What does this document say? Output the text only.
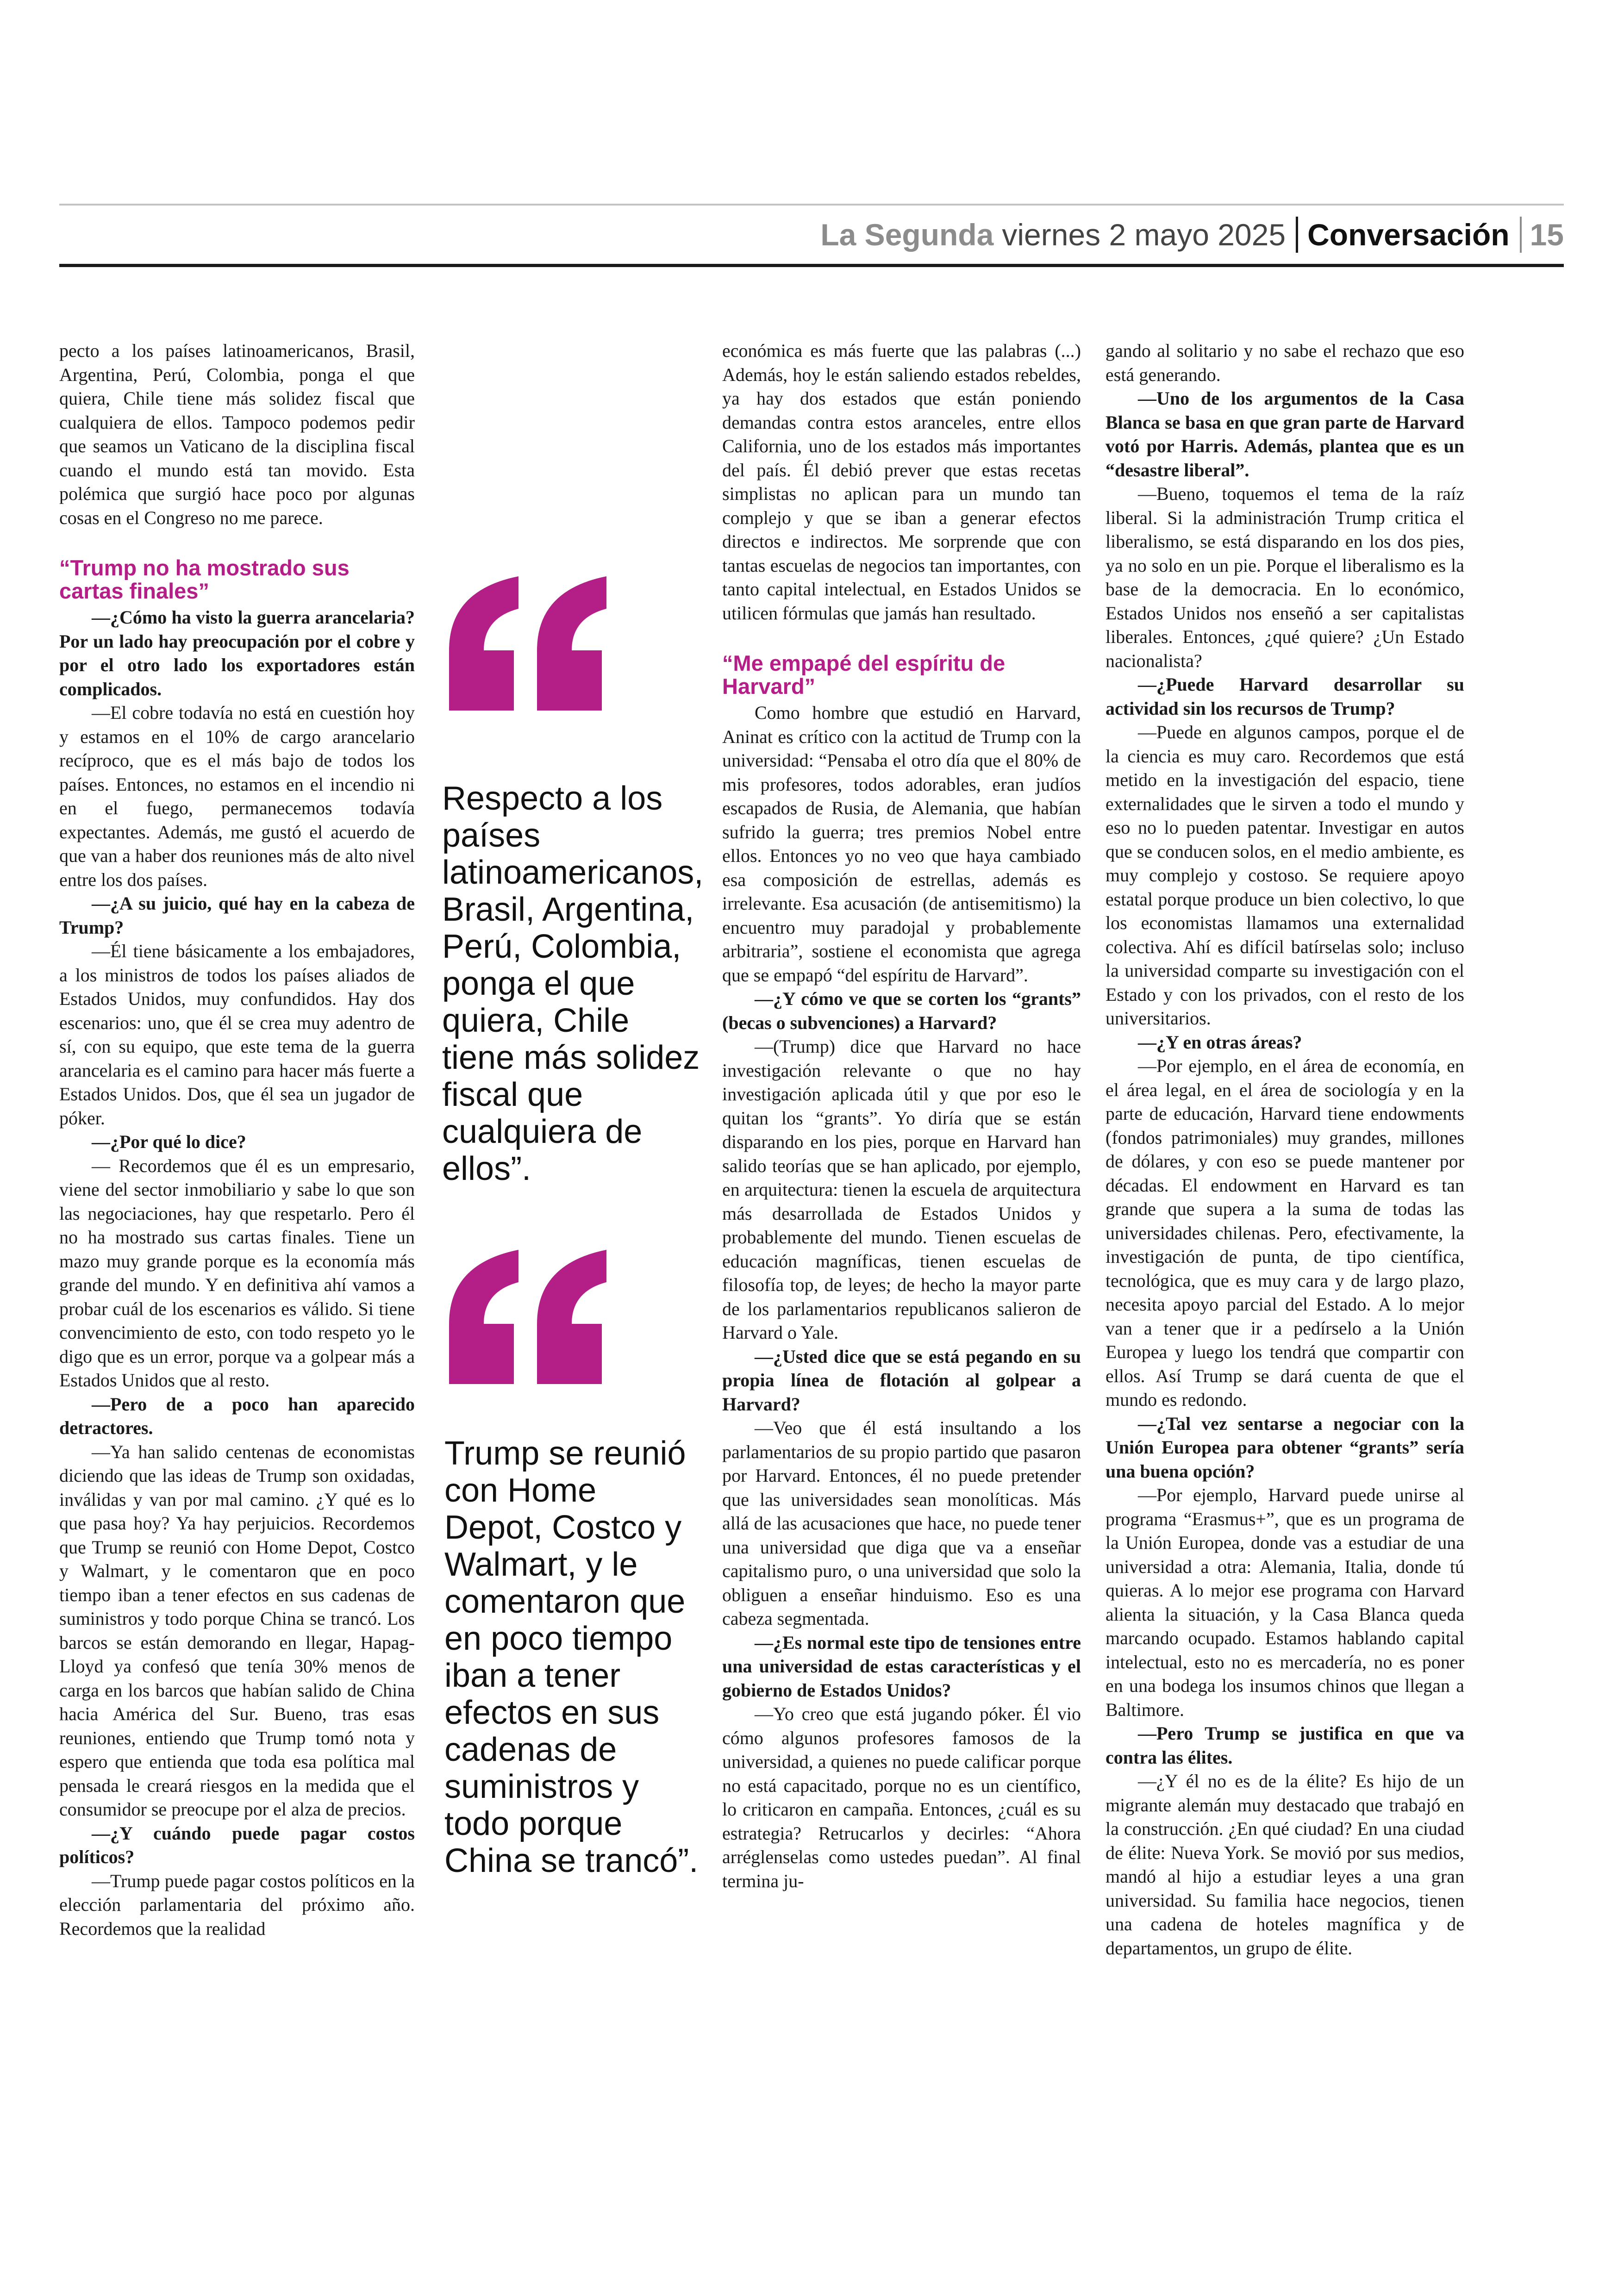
La Segunda viernes 2 mayo 2025 Conversación 15

pecto a los países latinoamericanos, Brasil, Argentina, Perú, Colombia, ponga el que quiera, Chile tiene más solidez fiscal que cualquiera de ellos. Tampoco podemos pedir que seamos un Vaticano de la disciplina fiscal cuando el mundo está tan movido. Esta polémica que surgió hace poco por algunas cosas en el Congreso no me parece.

“Trump no ha mostrado sus cartas finales”

—¿Cómo ha visto la guerra arancelaria? Por un lado hay preocupación por el cobre y por el otro lado los exportadores están complicados.

—El cobre todavía no está en cuestión hoy y estamos en el 10% de cargo arancelario recíproco, que es el más bajo de todos los países. Entonces, no estamos en el incendio ni en el fuego, permanecemos todavía expectantes. Además, me gustó el acuerdo de que van a haber dos reuniones más de alto nivel entre los dos países.

—¿A su juicio, qué hay en la cabeza de Trump?

—Él tiene básicamente a los embajadores, a los ministros de todos los países aliados de Estados Unidos, muy confundidos. Hay dos escenarios: uno, que él se crea muy adentro de sí, con su equipo, que este tema de la guerra arancelaria es el camino para hacer más fuerte a Estados Unidos. Dos, que él sea un jugador de póker.

—¿Por qué lo dice?

— Recordemos que él es un empresario, viene del sector inmobiliario y sabe lo que son las negociaciones, hay que respetarlo. Pero él no ha mostrado sus cartas finales. Tiene un mazo muy grande porque es la economía más grande del mundo. Y en definitiva ahí vamos a probar cuál de los escenarios es válido. Si tiene convencimiento de esto, con todo respeto yo le digo que es un error, porque va a golpear más a Estados Unidos que al resto.

—Pero de a poco han aparecido detractores.

—Ya han salido centenas de economistas diciendo que las ideas de Trump son oxidadas, inválidas y van por mal camino. ¿Y qué es lo que pasa hoy? Ya hay perjuicios. Recordemos que Trump se reunió con Home Depot, Costco y Walmart, y le comentaron que en poco tiempo iban a tener efectos en sus cadenas de suministros y todo porque China se trancó. Los barcos se están demorando en llegar, Hapag-Lloyd ya confesó que tenía 30% menos de carga en los barcos que habían salido de China hacia América del Sur. Bueno, tras esas reuniones, entiendo que Trump tomó nota y espero que entienda que toda esa política mal pensada le creará riesgos en la medida que el consumidor se preocupe por el alza de precios.

—¿Y cuándo puede pagar costos políticos?

—Trump puede pagar costos políticos en la elección parlamentaria del próximo año. Recordemos que la realidad

Respecto a los países latinoamericanos, Brasil, Argentina, Perú, Colombia, ponga el que quiera, Chile tiene más solidez fiscal que cualquiera de ellos”.
Trump se reunió con Home Depot, Costco y Walmart, y le comentaron que en poco tiempo iban a tener efectos en sus cadenas de suministros y todo porque China se trancó”.

económica es más fuerte que las palabras (...) Además, hoy le están saliendo estados rebeldes, ya hay dos estados que están poniendo demandas contra estos aranceles, entre ellos California, uno de los estados más importantes del país. Él debió prever que estas recetas simplistas no aplican para un mundo tan complejo y que se iban a generar efectos directos e indirectos. Me sorprende que con tantas escuelas de negocios tan importantes, con tanto capital intelectual, en Estados Unidos se utilicen fórmulas que jamás han resultado.

“Me empapé del espíritu de Harvard”

Como hombre que estudió en Harvard, Aninat es crítico con la actitud de Trump con la universidad: “Pensaba el otro día que el 80% de mis profesores, todos adorables, eran judíos escapados de Rusia, de Alemania, que habían sufrido la guerra; tres premios Nobel entre ellos. Entonces yo no veo que haya cambiado esa composición de estrellas, además es irrelevante. Esa acusación (de antisemitismo) la encuentro muy paradojal y probablemente arbitraria”, sostiene el economista que agrega que se empapó “del espíritu de Harvard”.

—¿Y cómo ve que se corten los “grants” (becas o subvenciones) a Harvard?

—(Trump) dice que Harvard no hace investigación relevante o que no hay investigación aplicada útil y que por eso le quitan los “grants”. Yo diría que se están disparando en los pies, porque en Harvard han salido teorías que se han aplicado, por ejemplo, en arquitectura: tienen la escuela de arquitectura más desarrollada de Estados Unidos y probablemente del mundo. Tienen escuelas de educación magníficas, tienen escuelas de filosofía top, de leyes; de hecho la mayor parte de los parlamentarios republicanos salieron de Harvard o Yale.

—¿Usted dice que se está pegando en su propia línea de flotación al golpear a Harvard?

—Veo que él está insultando a los parlamentarios de su propio partido que pasaron por Harvard. Entonces, él no puede pretender que las universidades sean monolíticas. Más allá de las acusaciones que hace, no puede tener una universidad que diga que va a enseñar capitalismo puro, o una universidad que solo la obliguen a enseñar hinduismo. Eso es una cabeza segmentada.

—¿Es normal este tipo de tensiones entre una universidad de estas características y el gobierno de Estados Unidos?

—Yo creo que está jugando póker. Él vio cómo algunos profesores famosos de la universidad, a quienes no puede calificar porque no está capacitado, porque no es un científico, lo criticaron en campaña. Entonces, ¿cuál es su estrategia? Retrucarlos y decirles: “Ahora arréglenselas como ustedes puedan”. Al final termina ju-

gando al solitario y no sabe el rechazo que eso está generando.

—Uno de los argumentos de la Casa Blanca se basa en que gran parte de Harvard votó por Harris. Además, plantea que es un “desastre liberal”.

—Bueno, toquemos el tema de la raíz liberal. Si la administración Trump critica el liberalismo, se está disparando en los dos pies, ya no solo en un pie. Porque el liberalismo es la base de la democracia. En lo económico, Estados Unidos nos enseñó a ser capitalistas liberales. Entonces, ¿qué quiere? ¿Un Estado nacionalista?

—¿Puede Harvard desarrollar su actividad sin los recursos de Trump?

—Puede en algunos campos, porque el de la ciencia es muy caro. Recordemos que está metido en la investigación del espacio, tiene externalidades que le sirven a todo el mundo y eso no lo pueden patentar. Investigar en autos que se conducen solos, en el medio ambiente, es muy complejo y costoso. Se requiere apoyo estatal porque produce un bien colectivo, lo que los economistas llamamos una externalidad colectiva. Ahí es difícil batírselas solo; incluso la universidad comparte su investigación con el Estado y con los privados, con el resto de los universitarios.

—¿Y en otras áreas?

—Por ejemplo, en el área de economía, en el área legal, en el área de sociología y en la parte de educación, Harvard tiene endowments (fondos patrimoniales) muy grandes, millones de dólares, y con eso se puede mantener por décadas. El endowment en Harvard es tan grande que supera a la suma de todas las universidades chilenas. Pero, efectivamente, la investigación de punta, de tipo científica, tecnológica, que es muy cara y de largo plazo, necesita apoyo parcial del Estado. A lo mejor van a tener que ir a pedírselo a la Unión Europea y luego los tendrá que compartir con ellos. Así Trump se dará cuenta de que el mundo es redondo.

—¿Tal vez sentarse a negociar con la Unión Europea para obtener “grants” sería una buena opción?

—Por ejemplo, Harvard puede unirse al programa “Erasmus+”, que es un programa de la Unión Europea, donde vas a estudiar de una universidad a otra: Alemania, Italia, donde tú quieras. A lo mejor ese programa con Harvard alienta la situación, y la Casa Blanca queda marcando ocupado. Estamos hablando capital intelectual, esto no es mercadería, no es poner en una bodega los insumos chinos que llegan a Baltimore.

—Pero Trump se justifica en que va contra las élites.

—¿Y él no es de la élite? Es hijo de un migrante alemán muy destacado que trabajó en la construcción. ¿En qué ciudad? En una ciudad de élite: Nueva York. Se movió por sus medios, mandó al hijo a estudiar leyes a una gran universidad. Su familia hace negocios, tienen una cadena de hoteles magnífica y de departamentos, un grupo de élite.
